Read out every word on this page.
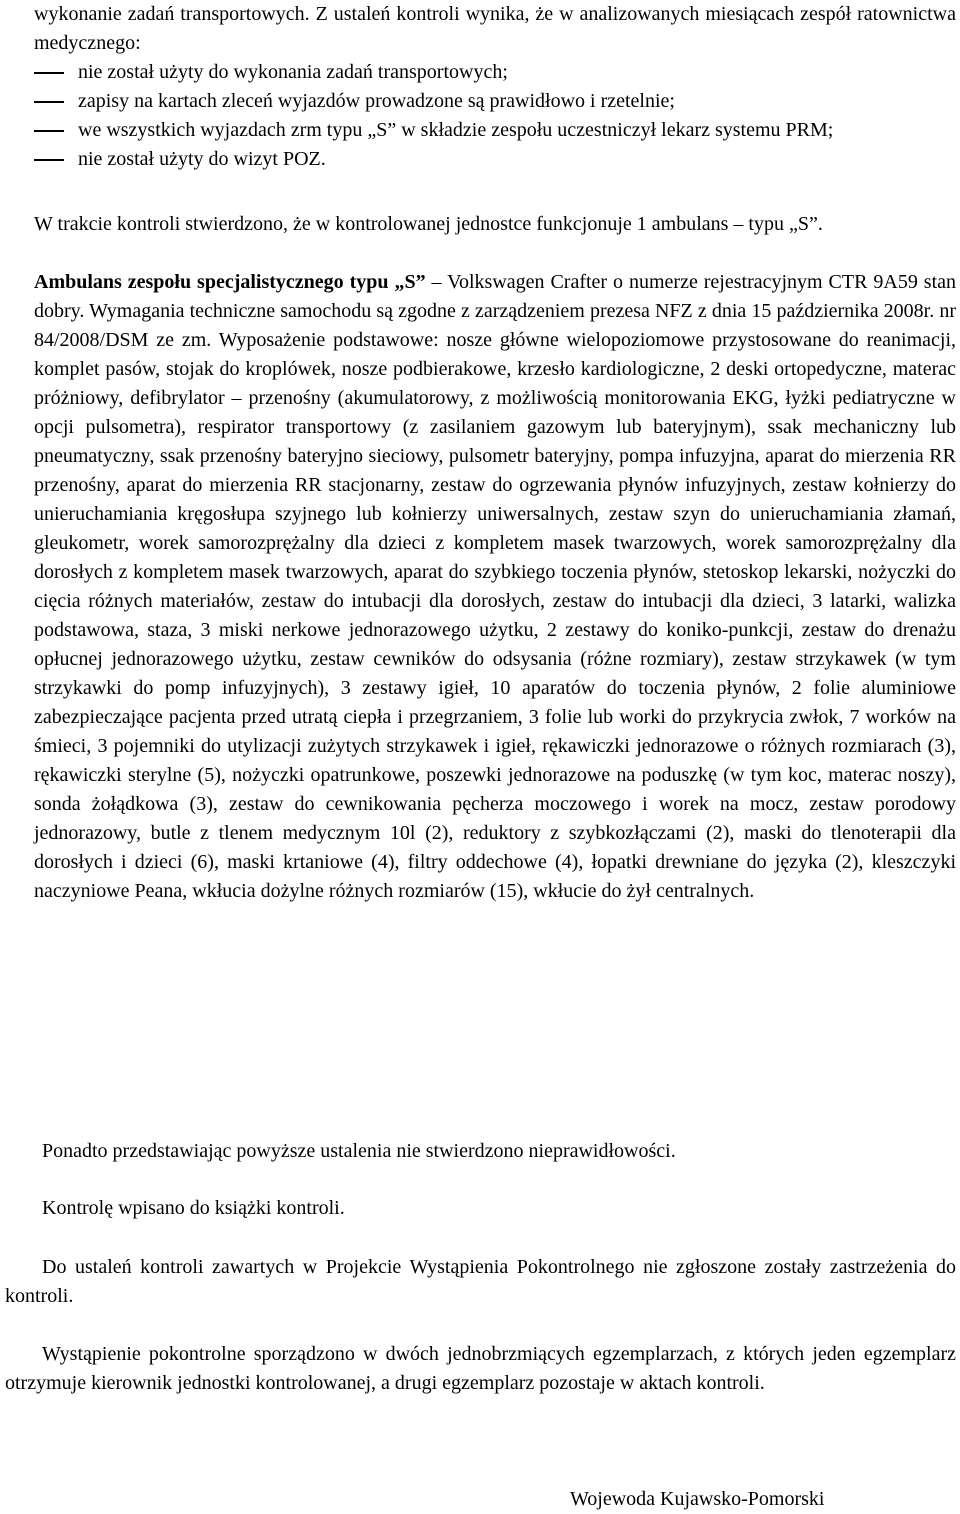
wykonanie zadań transportowych. Z ustaleń kontroli wynika, że w analizowanych miesiącach zespół ratownictwa medycznego:

nie został użyty do wykonania zadań transportowych;
zapisy na kartach zleceń wyjazdów prowadzone są prawidłowo i rzetelnie;
we wszystkich wyjazdach zrm typu „S” w składzie zespołu uczestniczył lekarz systemu PRM;
nie został użyty do wizyt POZ.

W trakcie kontroli stwierdzono, że w kontrolowanej jednostce funkcjonuje 1 ambulans – typu „S”.

Ambulans zespołu specjalistycznego typu „S” – Volkswagen Crafter o numerze rejestracyjnym CTR 9A59 stan dobry. Wymagania techniczne samochodu są zgodne z zarządzeniem prezesa NFZ z dnia 15 października 2008r. nr 84/2008/DSM ze zm. Wyposażenie podstawowe: nosze główne wielopoziomowe przystosowane do reanimacji, komplet pasów, stojak do kroplówek, nosze podbierakowe, krzesło kardiologiczne, 2 deski ortopedyczne, materac próżniowy, defibrylator – przenośny (akumulatorowy, z możliwością monitorowania EKG, łyżki pediatryczne w opcji pulsometra), respirator transportowy (z zasilaniem gazowym lub bateryjnym), ssak mechaniczny lub pneumatyczny, ssak przenośny bateryjno sieciowy, pulsometr bateryjny, pompa infuzyjna, aparat do mierzenia RR przenośny, aparat do mierzenia RR stacjonarny, zestaw do ogrzewania płynów infuzyjnych, zestaw kołnierzy do unieruchamiania kręgosłupa szyjnego lub kołnierzy uniwersalnych, zestaw szyn do unieruchamiania złamań, gleukometr, worek samorozprężalny dla dzieci z kompletem masek twarzowych, worek samorozprężalny dla dorosłych z kompletem masek twarzowych, aparat do szybkiego toczenia płynów, stetoskop lekarski, nożyczki do cięcia różnych materiałów, zestaw do intubacji dla dorosłych, zestaw do intubacji dla dzieci, 3 latarki, walizka podstawowa, staza, 3 miski nerkowe jednorazowego użytku, 2 zestawy do koniko-punkcji, zestaw do drenażu opłucnej jednorazowego użytku, zestaw cewników do odsysania (różne rozmiary), zestaw strzykawek (w tym strzykawki do pomp infuzyjnych), 3 zestawy igieł, 10 aparatów do toczenia płynów, 2 folie aluminiowe zabezpieczające pacjenta przed utratą ciepła i przegrzaniem, 3 folie lub worki do przykrycia zwłok, 7 worków na śmieci, 3 pojemniki do utylizacji zużytych strzykawek i igieł, rękawiczki jednorazowe o różnych rozmiarach (3), rękawiczki sterylne (5), nożyczki opatrunkowe, poszewki jednorazowe na poduszkę (w tym koc, materac noszy), sonda żołądkowa (3), zestaw do cewnikowania pęcherza moczowego i worek na mocz, zestaw porodowy jednorazowy, butle z tlenem medycznym 10l (2), reduktory z szybkozłączami (2), maski do tlenoterapii dla dorosłych i dzieci (6), maski krtaniowe (4), filtry oddechowe (4), łopatki drewniane do języka (2), kleszczyki naczyniowe Peana, wkłucia dożylne różnych rozmiarów (15), wkłucie do żył centralnych.

Ponadto przedstawiając powyższe ustalenia nie stwierdzono nieprawidłowości.

Kontrolę wpisano do książki kontroli.

Do ustaleń kontroli zawartych w Projekcie Wystąpienia Pokontrolnego nie zgłoszone zostały zastrzeżenia do kontroli.

Wystąpienie pokontrolne sporządzono w dwóch jednobrzmiących egzemplarzach, z których jeden egzemplarz otrzymuje kierownik jednostki kontrolowanej, a drugi egzemplarz pozostaje w aktach kontroli.

Wojewoda Kujawsko-Pomorski
